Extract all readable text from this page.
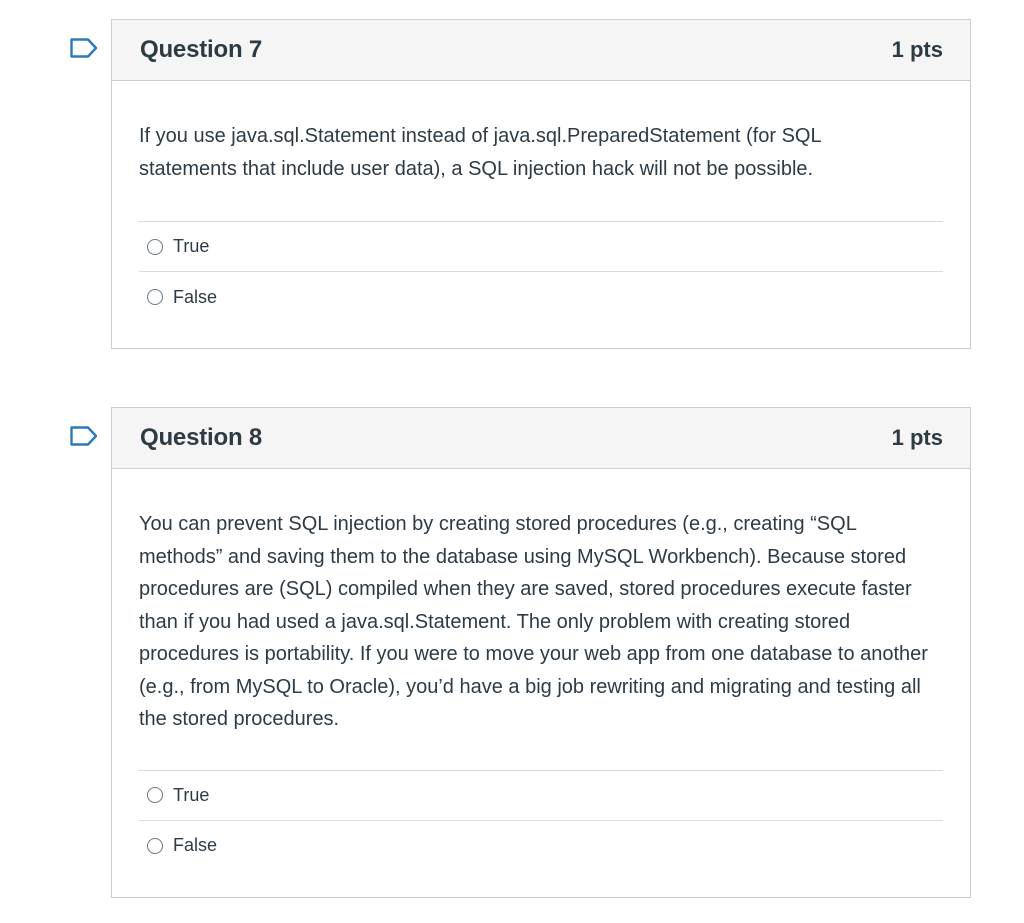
Question 7	1 pts

If you use java.sql.Statement instead of java.sql.PreparedStatement (for SQL statements that include user data), a SQL injection hack will not be possible.

True
False
Question 8	1 pts

You can prevent SQL injection by creating stored procedures (e.g., creating “SQL methods” and saving them to the database using MySQL Workbench). Because stored procedures are (SQL) compiled when they are saved, stored procedures execute faster than if you had used a java.sql.Statement. The only problem with creating stored procedures is portability. If you were to move your web app from one database to another (e.g., from MySQL to Oracle), you’d have a big job rewriting and migrating and testing all the stored procedures.

True
False
